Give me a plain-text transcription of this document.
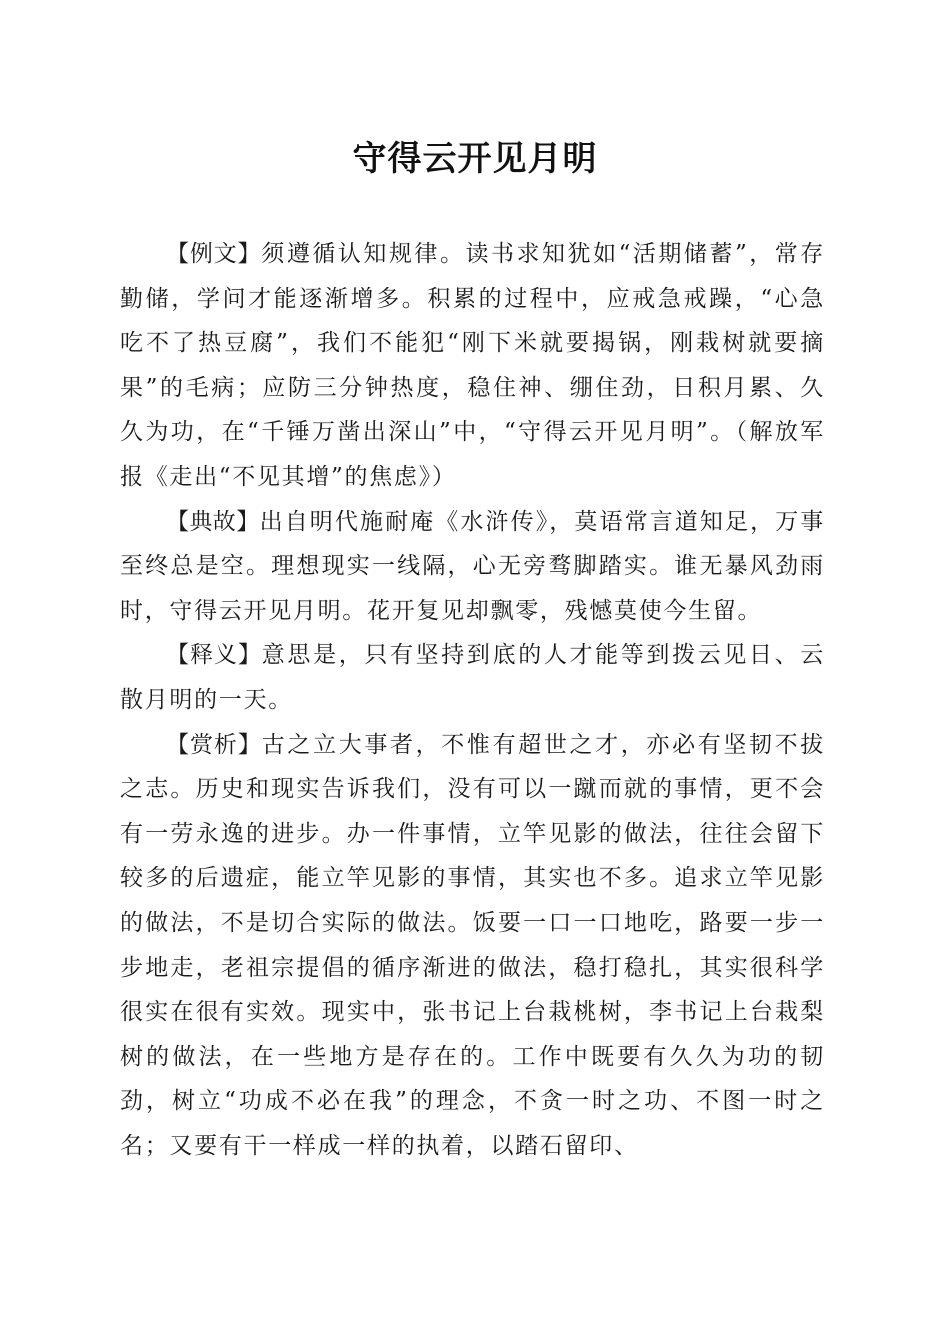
守得云开见月明

【例文】须遵循认知规律。读书求知犹如“活期储蓄”，常存勤储，学问才能逐渐增多。积累的过程中，应戒急戒躁，“心急吃不了热豆腐”，我们不能犯“刚下米就要揭锅，刚栽树就要摘果”的毛病；应防三分钟热度，稳住神、绷住劲，日积月累、久久为功，在“千锤万凿出深山”中，“守得云开见月明”。（解放军报《走出“不见其增”的焦虑》）

【典故】出自明代施耐庵《水浒传》，莫语常言道知足，万事至终总是空。理想现实一线隔，心无旁骛脚踏实。谁无暴风劲雨时，守得云开见月明。花开复见却飘零，残憾莫使今生留。

【释义】意思是，只有坚持到底的人才能等到拨云见日、云散月明的一天。

【赏析】古之立大事者，不惟有超世之才，亦必有坚韧不拔之志。历史和现实告诉我们，没有可以一蹴而就的事情，更不会有一劳永逸的进步。办一件事情，立竿见影的做法，往往会留下较多的后遗症，能立竿见影的事情，其实也不多。追求立竿见影的做法，不是切合实际的做法。饭要一口一口地吃，路要一步一步地走，老祖宗提倡的循序渐进的做法，稳打稳扎，其实很科学很实在很有实效。现实中，张书记上台栽桃树，李书记上台栽梨树的做法，在一些地方是存在的。工作中既要有久久为功的韧劲，树立“功成不必在我”的理念，不贪一时之功、不图一时之名；又要有干一样成一样的执着，以踏石留印、
